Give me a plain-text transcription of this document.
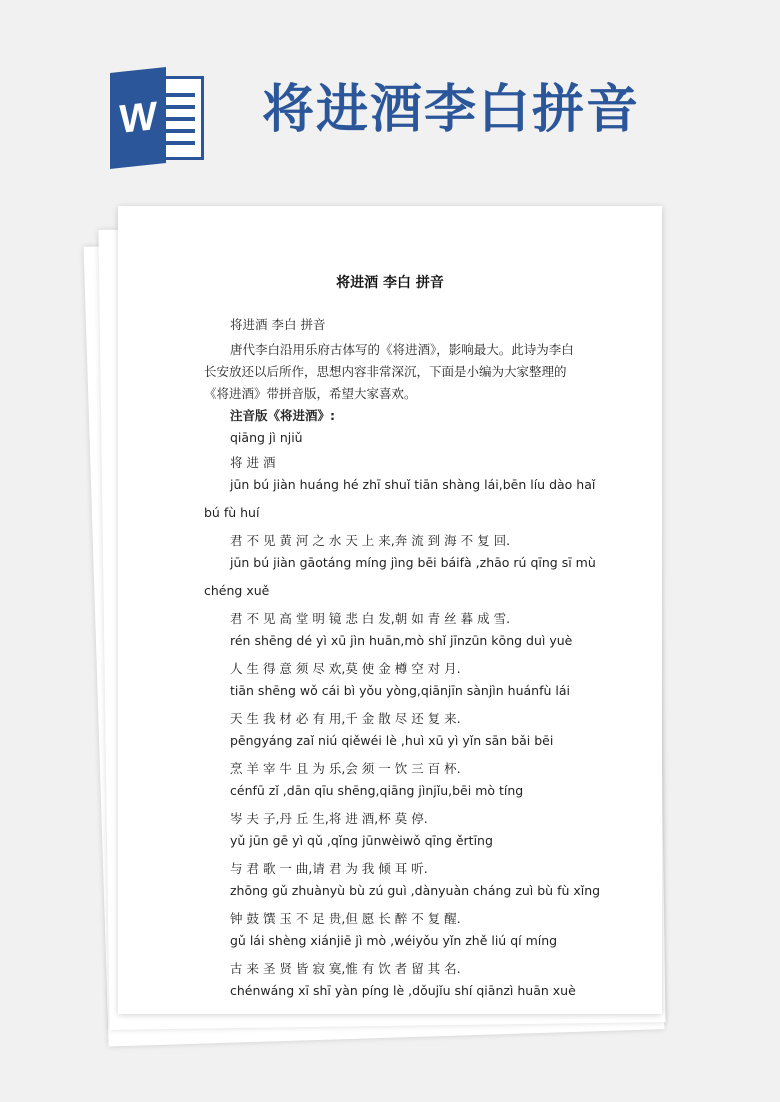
W 将进酒李白拼音
将进酒 李白 拼音

将进酒 李白 拼音

唐代李白沿用乐府古体写的《将进酒》，影响最大。此诗为李白

长安放还以后所作，思想内容非常深沉，下面是小编为大家整理的

《将进酒》带拼音版，希望大家喜欢。

注音版《将进酒》:

qiāng jì njiǔ

将 进 酒

jūn bú jiàn huáng hé zhī shuǐ tiān shàng lái,bēn líu dào haǐ

bú fù huí

君 不 见 黄 河 之 水 天 上 来,奔 流 到 海 不 复 回.

jūn bú jiàn gāotáng míng jìng bēi báifà ,zhāo rú qīng sī mù

chéng xuě

君 不 见 高 堂 明 镜 悲 白 发,朝 如 青 丝 暮 成 雪.

rén shēng dé yì xū jìn huān,mò shǐ jīnzūn kōng duì yuè

人 生 得 意 须 尽 欢,莫 使 金 樽 空 对 月.

tiān shēng wǒ cái bì yǒu yòng,qiānjīn sànjìn huánfù lái

天 生 我 材 必 有 用,千 金 散 尽 还 复 来.

pēngyáng zaǐ niú qiěwéi lè ,huì xū yì yǐn sān bǎi bēi

烹 羊 宰 牛 且 为 乐,会 须 一 饮 三 百 杯.

cénfū zǐ ,dān qīu shēng,qiāng jìnjǐu,bēi mò tíng

岑 夫 子,丹 丘 生,将 进 酒,杯 莫 停.

yǔ jūn gē yì qǔ ,qǐng jūnwèiwǒ qīng ěrtīng

与 君 歌 一 曲,请 君 为 我 倾 耳 听.

zhōng gǔ zhuànyù bù zú guì ,dànyuàn cháng zuì bù fù xǐng

钟 鼓 馔 玉 不 足 贵,但 愿 长 醉 不 复 醒.

gǔ lái shèng xiánjiē jì mò ,wéiyǒu yǐn zhě liú qí míng

古 来 圣 贤 皆 寂 寞,惟 有 饮 者 留 其 名.

chénwáng xī shī yàn píng lè ,dǒujǐu shí qiānzì huān xuè
